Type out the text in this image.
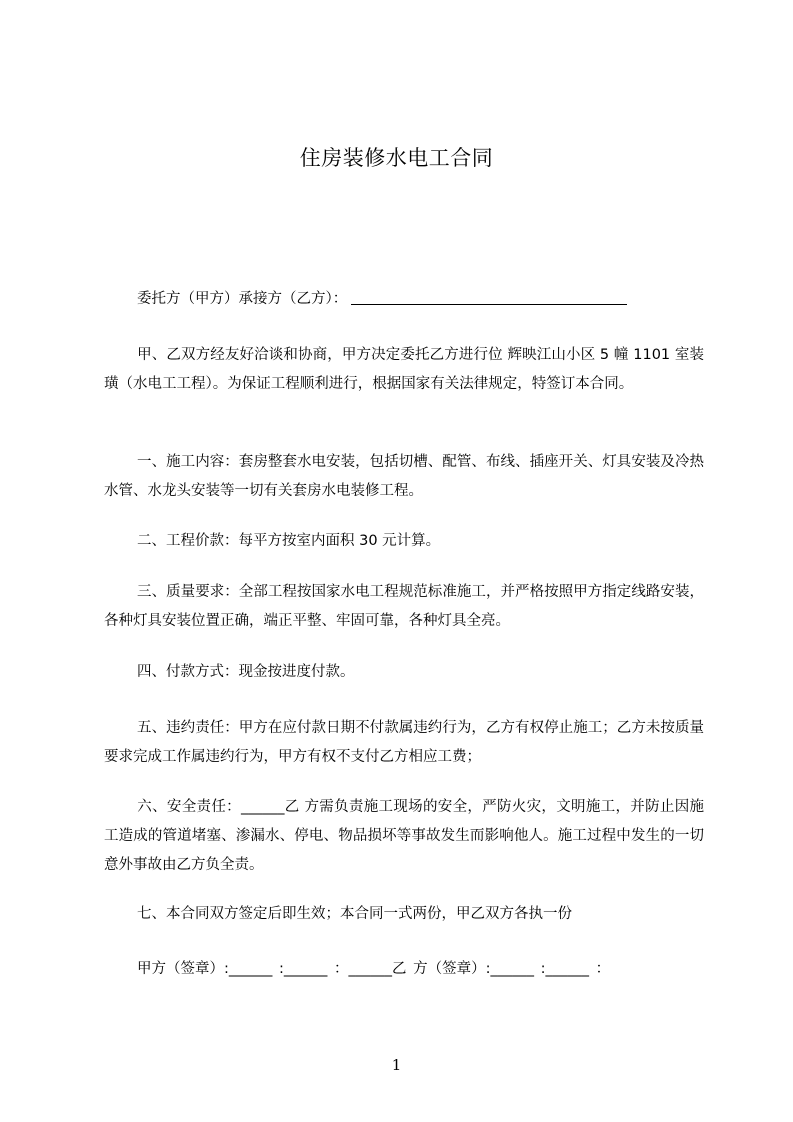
住房装修水电工合同
委托方（甲方）承接方（乙方）：
甲、乙双方经友好洽谈和协商，甲方决定委托乙方进行位 辉映江山小区 5 幢 1101 室装璜（水电工工程）。为保证工程顺利进行，根据国家有关法律规定，特签订本合同。
一、施工内容：套房整套水电安装，包括切槽、配管、布线、插座开关、灯具安装及冷热水管、水龙头安装等一切有关套房水电装修工程。
二、工程价款：每平方按室内面积 30 元计算。
三、质量要求：全部工程按国家水电工程规范标准施工，并严格按照甲方指定线路安装，各种灯具安装位置正确，端正平整、牢固可靠，各种灯具全亮。
四、付款方式：现金按进度付款。
五、违约责任：甲方在应付款日期不付款属违约行为，乙方有权停止施工；乙方未按质量要求完成工作属违约行为，甲方有权不支付乙方相应工费；
六、安全责任：______乙 方需负责施工现场的安全，严防火灾，文明施工，并防止因施工造成的管道堵塞、渗漏水、停电、物品损坏等事故发生而影响他人。施工过程中发生的一切意外事故由乙方负全责。
七、本合同双方签定后即生效；本合同一式两份，甲乙双方各执一份
甲方（签章）:______ :______ ：______乙 方（签章）:______ :______ ：
1
